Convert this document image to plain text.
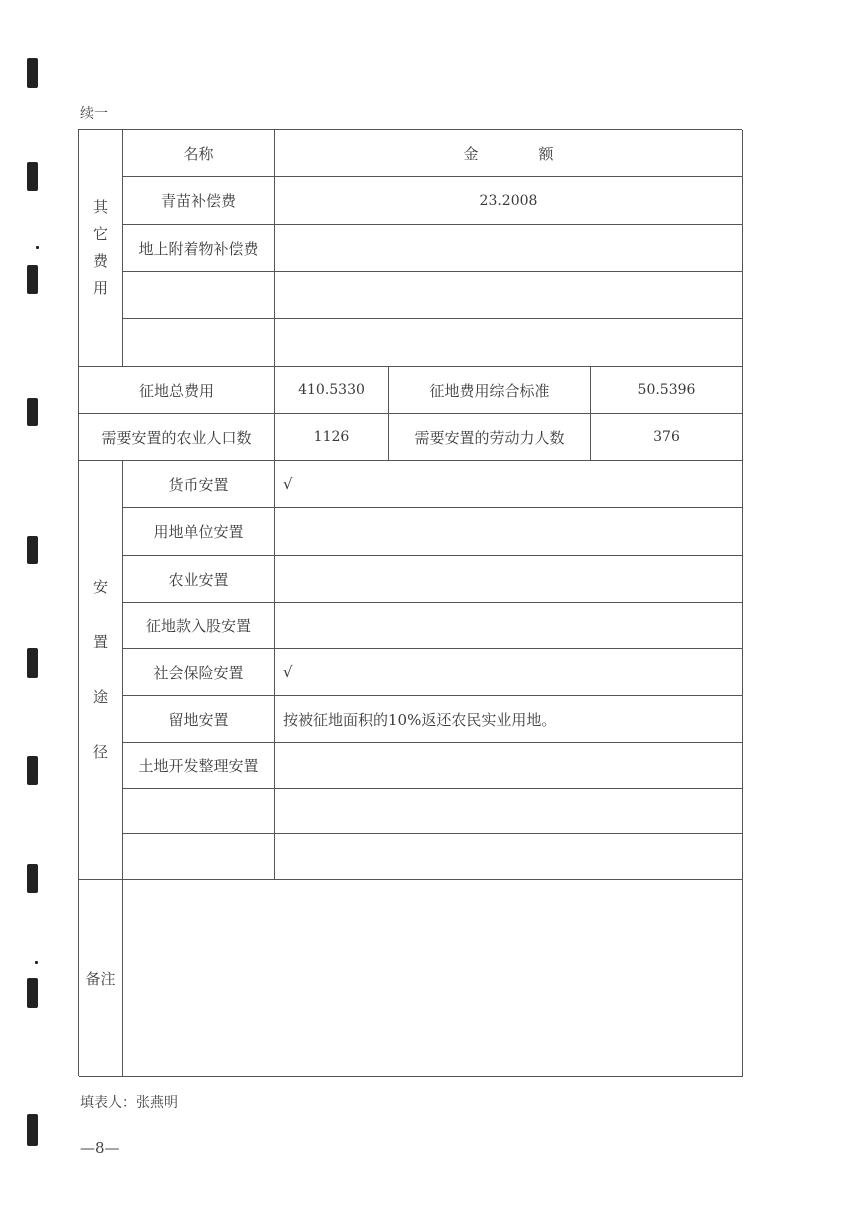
续一
其
它
费
用
名称	金　　　　额
青苗补偿费	23.2008
地上附着物补偿费
征地总费用	410.5330	征地费用综合标准	50.5396
需要安置的农业人口数	1126	需要安置的劳动力人数	376
安
置
途
径
货币安置	√
用地单位安置
农业安置
征地款入股安置
社会保险安置	√
留地安置	按被征地面积的10%返还农民实业用地。
土地开发整理安置
备注
填表人：张燕明
—8—
